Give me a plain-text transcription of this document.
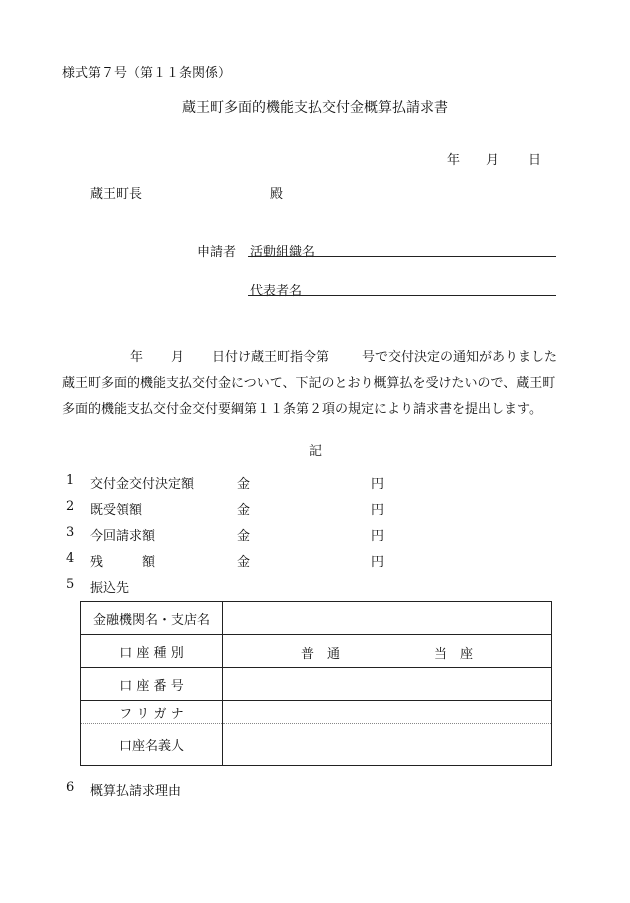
様式第７号（第１１条関係）
蔵王町多面的機能支払交付金概算払請求書
年 月 日
蔵王町長	殿
申請者 活動組織名
代表者名
年 月 日付け蔵王町指令第	号で交付決定の通知がありました
蔵王町多面的機能支払交付金について、下記のとおり概算払を受けたいので、蔵王町
多面的機能支払交付金交付要綱第１１条第２項の規定により請求書を提出します。
記
1 交付金交付決定額	金	円
2 既受領額	金	円
3 今回請求額	金	円
4 残　　　額	金	円
5 振込先
金融機関名・支店名	
口 座 種 別	普　通 当　座

口 座 番 号	
フ リ ガ ナ	
口座名義人	
6 概算払請求理由
